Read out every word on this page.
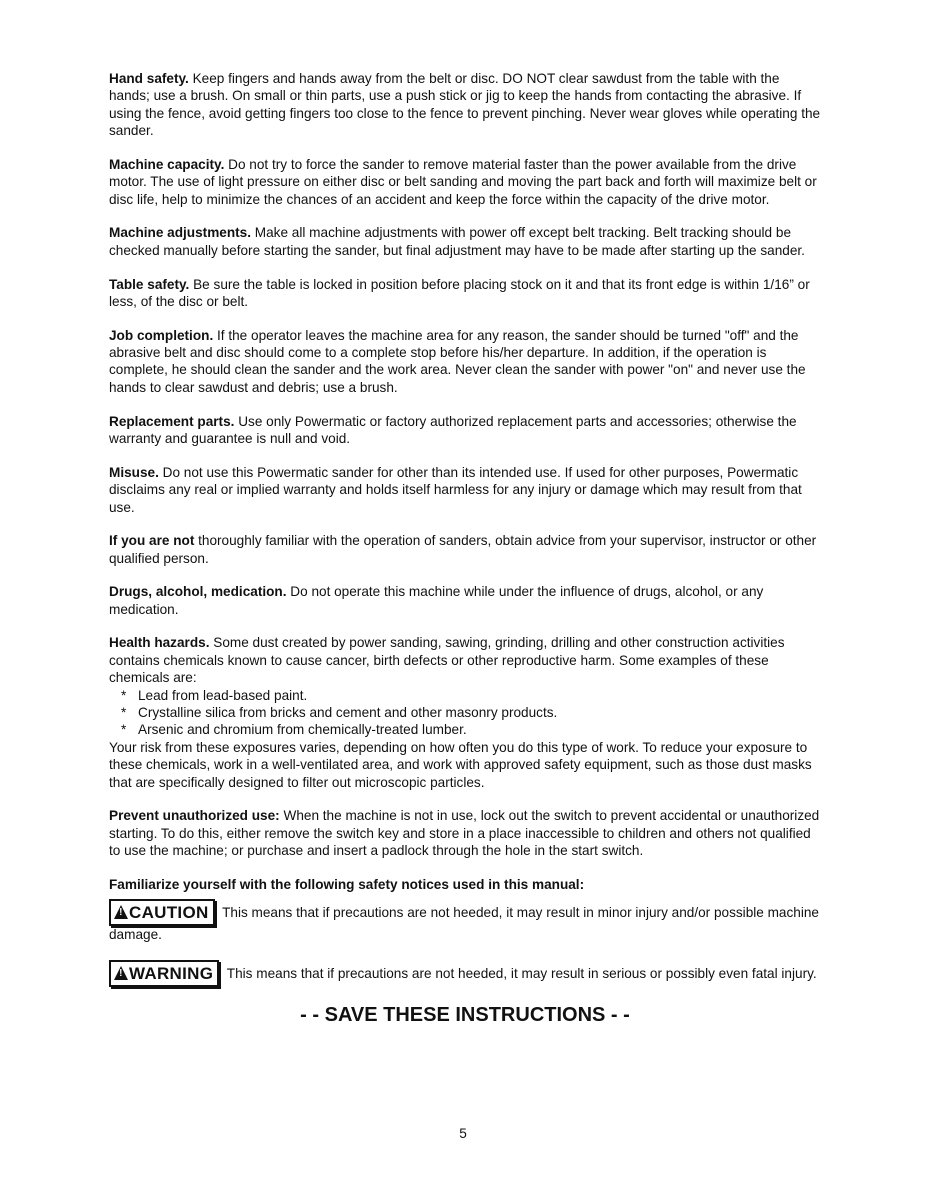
Hand safety. Keep fingers and hands away from the belt or disc. DO NOT clear sawdust from the table with the hands; use a brush. On small or thin parts, use a push stick or jig to keep the hands from contacting the abrasive. If using the fence, avoid getting fingers too close to the fence to prevent pinching. Never wear gloves while operating the sander.

Machine capacity. Do not try to force the sander to remove material faster than the power available from the drive motor. The use of light pressure on either disc or belt sanding and moving the part back and forth will maximize belt or disc life, help to minimize the chances of an accident and keep the force within the capacity of the drive motor.

Machine adjustments. Make all machine adjustments with power off except belt tracking. Belt tracking should be checked manually before starting the sander, but final adjustment may have to be made after starting up the sander.

Table safety. Be sure the table is locked in position before placing stock on it and that its front edge is within 1/16” or less, of the disc or belt.

Job completion. If the operator leaves the machine area for any reason, the sander should be turned "off" and the abrasive belt and disc should come to a complete stop before his/her departure. In addition, if the operation is complete, he should clean the sander and the work area. Never clean the sander with power "on" and never use the hands to clear sawdust and debris; use a brush.

Replacement parts. Use only Powermatic or factory authorized replacement parts and accessories; otherwise the warranty and guarantee is null and void.

Misuse. Do not use this Powermatic sander for other than its intended use. If used for other purposes, Powermatic disclaims any real or implied warranty and holds itself harmless for any injury or damage which may result from that use.

If you are not thoroughly familiar with the operation of sanders, obtain advice from your supervisor, instructor or other qualified person.

Drugs, alcohol, medication. Do not operate this machine while under the influence of drugs, alcohol, or any medication.

Health hazards. Some dust created by power sanding, sawing, grinding, drilling and other construction activities contains chemicals known to cause cancer, birth defects or other reproductive harm. Some examples of these chemicals are:

* Lead from lead-based paint.
* Crystalline silica from bricks and cement and other masonry products.
* Arsenic and chromium from chemically-treated lumber.

Your risk from these exposures varies, depending on how often you do this type of work. To reduce your exposure to these chemicals, work in a well-ventilated area, and work with approved safety equipment, such as those dust masks that are specifically designed to filter out microscopic particles.

Prevent unauthorized use: When the machine is not in use, lock out the switch to prevent accidental or unauthorized starting. To do this, either remove the switch key and store in a place inaccessible to children and others not qualified to use the machine; or purchase and insert a padlock through the hole in the start switch.

Familiarize yourself with the following safety notices used in this manual:

! CAUTION This means that if precautions are not heeded, it may result in minor injury and/or possible machine damage.

! WARNING This means that if precautions are not heeded, it may result in serious or possibly even fatal injury.

- - SAVE THESE INSTRUCTIONS - -

5
